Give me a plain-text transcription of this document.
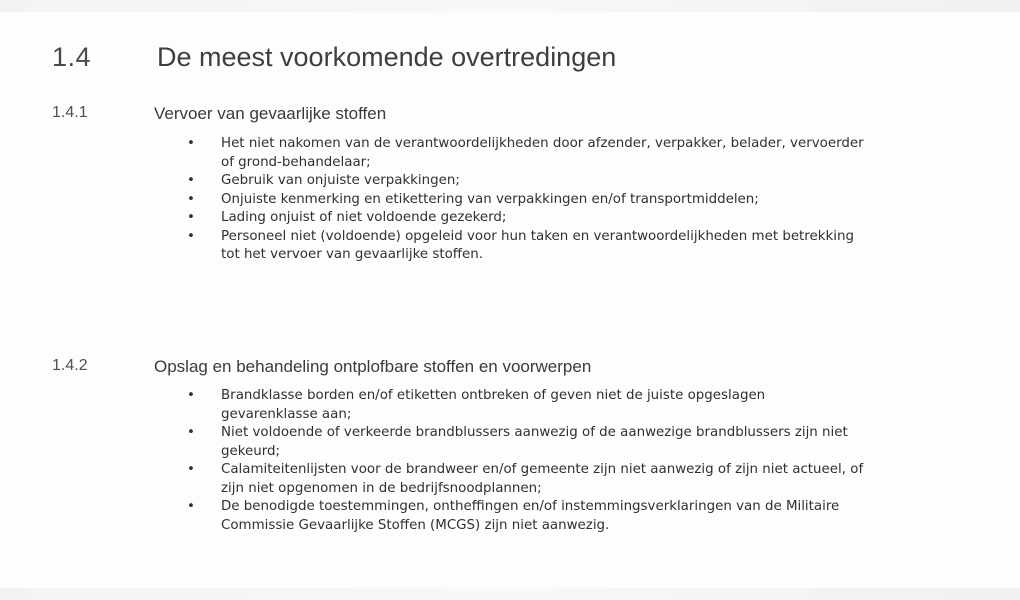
1.4 De meest voorkomende overtredingen
1.4.1	Vervoer van gevaarlijke stoffen
• Het niet nakomen van de verantwoordelijkheden door afzender, verpakker, belader, vervoerder of grond-behandelaar;
• Gebruik van onjuiste verpakkingen;
• Onjuiste kenmerking en etikettering van verpakkingen en/of transportmiddelen;
• Lading onjuist of niet voldoende gezekerd;
• Personeel niet (voldoende) opgeleid voor hun taken en verantwoordelijkheden met betrekking tot het vervoer van gevaarlijke stoffen.
1.4.2	Opslag en behandeling ontplofbare stoffen en voorwerpen
• Brandklasse borden en/of etiketten ontbreken of geven niet de juiste opgeslagen gevarenklasse aan;
• Niet voldoende of verkeerde brandblussers aanwezig of de aanwezige brandblussers zijn niet gekeurd;
• Calamiteitenlijsten voor de brandweer en/of gemeente zijn niet aanwezig of zijn niet actueel, of zijn niet opgenomen in de bedrijfsnoodplannen;
• De benodigde toestemmingen, ontheffingen en/of instemmingsverklaringen van de Militaire Commissie Gevaarlijke Stoffen (MCGS) zijn niet aanwezig.
